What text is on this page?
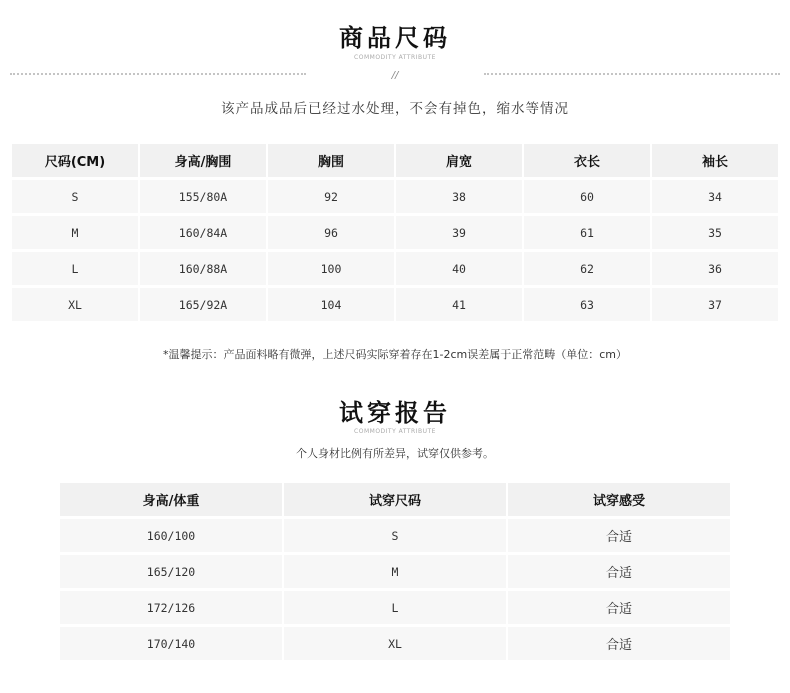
商品尺码
COMMODITY ATTRIBUTE
//
该产品成品后已经过水处理，不会有掉色，缩水等情况
尺码(CM)	身高/胸围	胸围	肩宽	衣长	袖长
S	155/80A	92	38	60	34
M	160/84A	96	39	61	35
L	160/88A	100	40	62	36
XL	165/92A	104	41	63	37
*温馨提示：产品面料略有微弹，上述尺码实际穿着存在1-2cm误差属于正常范畴（单位：cm）
试穿报告
COMMODITY ATTRIBUTE
个人身材比例有所差异，试穿仅供参考。
身高/体重	试穿尺码	试穿感受
160/100	S	合适
165/120	M	合适
172/126	L	合适
170/140	XL	合适
